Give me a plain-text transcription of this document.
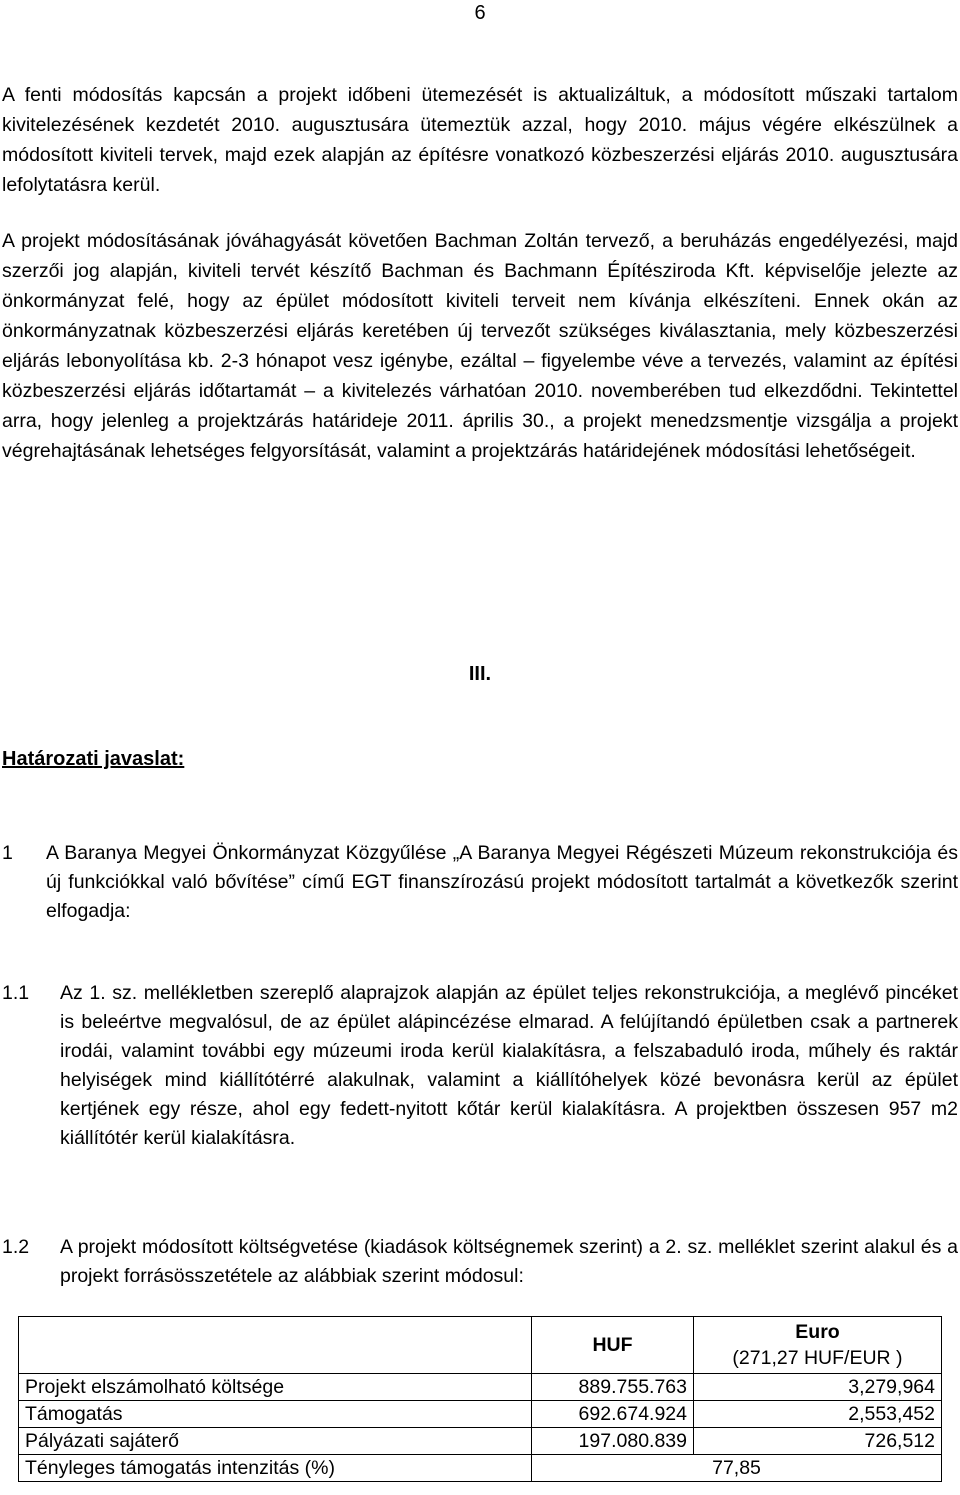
6

A fenti módosítás kapcsán a projekt időbeni ütemezését is aktualizáltuk, a módosított műszaki tartalom kivitelezésének kezdetét 2010. augusztusára ütemeztük azzal, hogy 2010. május végére elkészülnek a módosított kiviteli tervek, majd ezek alapján az építésre vonatkozó közbeszerzési eljárás 2010. augusztusára lefolytatásra kerül.

A projekt módosításának jóváhagyását követően Bachman Zoltán tervező, a beruházás engedélyezési, majd szerzői jog alapján, kiviteli tervét készítő Bachman és Bachmann Építésziroda Kft. képviselője jelezte az önkormányzat felé, hogy az épület módosított kiviteli terveit nem kívánja elkészíteni. Ennek okán az önkormányzatnak közbeszerzési eljárás keretében új tervezőt szükséges kiválasztania, mely közbeszerzési eljárás lebonyolítása kb. 2-3 hónapot vesz igénybe, ezáltal – figyelembe véve a tervezés, valamint az építési közbeszerzési eljárás időtartamát – a kivitelezés várhatóan 2010. novemberében tud elkezdődni. Tekintettel arra, hogy jelenleg a projektzárás határideje 2011. április 30., a projekt menedzsmentje vizsgálja a projekt végrehajtásának lehetséges felgyorsítását, valamint a projektzárás határidejének módosítási lehetőségeit.

III.
Határozati javaslat:
1 A Baranya Megyei Önkormányzat Közgyűlése „A Baranya Megyei Régészeti Múzeum rekonstrukciója és új funkciókkal való bővítése” című EGT finanszírozású projekt módosított tartalmát a következők szerint elfogadja:
1.1 Az 1. sz. mellékletben szereplő alaprajzok alapján az épület teljes rekonstrukciója, a meglévő pincéket is beleértve megvalósul, de az épület alápincézése elmarad. A felújítandó épületben csak a partnerek irodái, valamint további egy múzeumi iroda kerül kialakításra, a felszabaduló iroda, műhely és raktár helyiségek mind kiállítótérré alakulnak, valamint a kiállítóhelyek közé bevonásra kerül az épület kertjének egy része, ahol egy fedett-nyitott kőtár kerül kialakításra. A projektben összesen 957 m2 kiállítótér kerül kialakításra.
1.2 A projekt módosított költségvetése (kiadások költségnemek szerint) a 2. sz. melléklet szerint alakul és a projekt forrásösszetétele az alábbiak szerint módosul:
	HUF	Euro
(271,27 HUF/EUR )

Projekt elszámolható költsége	889.755.763	3,279,964
Támogatás	692.674.924	2,553,452
Pályázati sajáterő	197.080.839	726,512
Tényleges támogatás intenzitás (%)	77,85	
